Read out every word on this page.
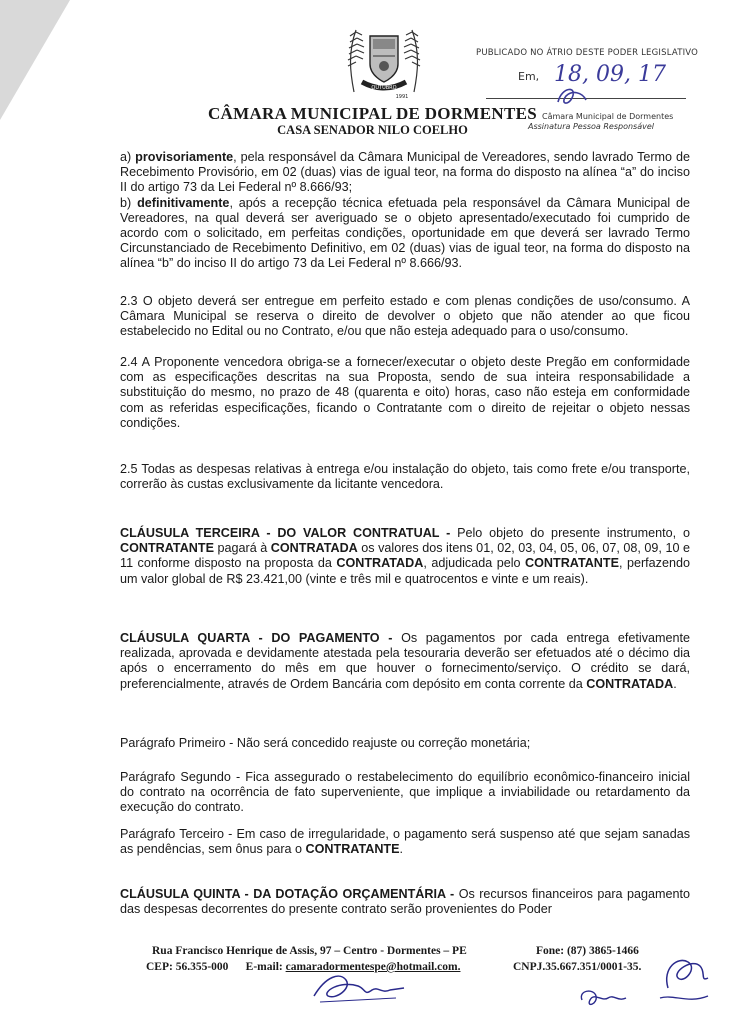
OUTUBRO
1991
CÂMARA MUNICIPAL DE DORMENTES
CASA SENADOR NILO COELHO
PUBLICADO NO ÁTRIO DESTE PODER LEGISLATIVO
Em, 18, 09, 17
Câmara Municipal de Dormentes
Assinatura Pessoa Responsável

a) provisoriamente, pela responsável da Câmara Municipal de Vereadores, sendo lavrado Termo de Recebimento Provisório, em 02 (duas) vias de igual teor, na forma do disposto na alínea “a” do inciso II do artigo 73 da Lei Federal nº 8.666/93;

b) definitivamente, após a recepção técnica efetuada pela responsável da Câmara Municipal de Vereadores, na qual deverá ser averiguado se o objeto apresentado/executado foi cumprido de acordo com o solicitado, em perfeitas condições, oportunidade em que deverá ser lavrado Termo Circunstanciado de Recebimento Definitivo, em 02 (duas) vias de igual teor, na forma do disposto na alínea “b” do inciso II do artigo 73 da Lei Federal nº 8.666/93.

2.3 O objeto deverá ser entregue em perfeito estado e com plenas condições de uso/consumo. A Câmara Municipal se reserva o direito de devolver o objeto que não atender ao que ficou estabelecido no Edital ou no Contrato, e/ou que não esteja adequado para o uso/consumo.

2.4 A Proponente vencedora obriga-se a fornecer/executar o objeto deste Pregão em conformidade com as especificações descritas na sua Proposta, sendo de sua inteira responsabilidade a substituição do mesmo, no prazo de 48 (quarenta e oito) horas, caso não esteja em conformidade com as referidas especificações, ficando o Contratante com o direito de rejeitar o objeto nessas condições.

2.5 Todas as despesas relativas à entrega e/ou instalação do objeto, tais como frete e/ou transporte, correrão às custas exclusivamente da licitante vencedora.

CLÁUSULA TERCEIRA - DO VALOR CONTRATUAL - Pelo objeto do presente instrumento, o CONTRATANTE pagará à CONTRATADA os valores dos itens 01, 02, 03, 04, 05, 06, 07, 08, 09, 10 e 11 conforme disposto na proposta da CONTRATADA, adjudicada pelo CONTRATANTE, perfazendo um valor global de R$ 23.421,00 (vinte e três mil e quatrocentos e vinte e um reais).

CLÁUSULA QUARTA - DO PAGAMENTO - Os pagamentos por cada entrega efetivamente realizada, aprovada e devidamente atestada pela tesouraria deverão ser efetuados até o décimo dia após o encerramento do mês em que houver o fornecimento/serviço. O crédito se dará, preferencialmente, através de Ordem Bancária com depósito em conta corrente da CONTRATADA.

Parágrafo Primeiro - Não será concedido reajuste ou correção monetária;

Parágrafo Segundo - Fica assegurado o restabelecimento do equilíbrio econômico-financeiro inicial do contrato na ocorrência de fato superveniente, que implique a inviabilidade ou retardamento da execução do contrato.

Parágrafo Terceiro - Em caso de irregularidade, o pagamento será suspenso até que sejam sanadas as pendências, sem ônus para o CONTRATANTE.

CLÁUSULA QUINTA - DA DOTAÇÃO ORÇAMENTÁRIA - Os recursos financeiros para pagamento das despesas decorrentes do presente contrato serão provenientes do Poder

Rua Francisco Henrique de Assis, 97 – Centro - Dormentes – PE
CEP: 56.355-000 E-mail: camaradormentespe@hotmail.com.
Fone: (87) 3865-1466
CNPJ.35.667.351/0001-35.
